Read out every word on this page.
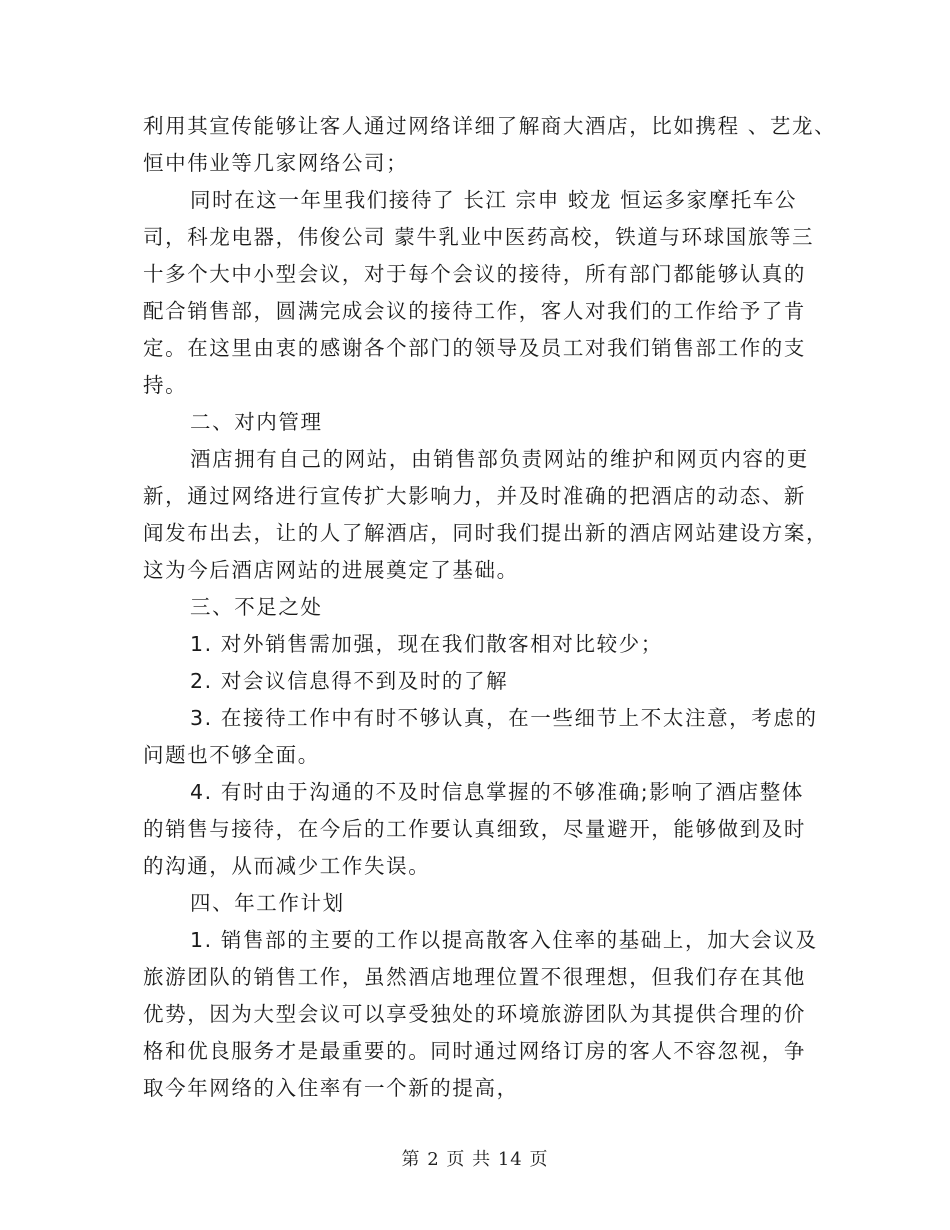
利用其宣传能够让客人通过网络详细了解商大酒店，比如携程 、艺龙、
恒中伟业等几家网络公司；
同时在这一年里我们接待了 长江 宗申 蛟龙 恒运多家摩托车公
司，科龙电器，伟俊公司 蒙牛乳业中医药高校，铁道与环球国旅等三
十多个大中小型会议，对于每个会议的接待，所有部门都能够认真的
配合销售部，圆满完成会议的接待工作，客人对我们的工作给予了肯
定。在这里由衷的感谢各个部门的领导及员工对我们销售部工作的支
持。
二、对内管理
酒店拥有自己的网站，由销售部负责网站的维护和网页内容的更
新，通过网络进行宣传扩大影响力，并及时准确的把酒店的动态、新
闻发布出去，让的人了解酒店，同时我们提出新的酒店网站建设方案，
这为今后酒店网站的进展奠定了基础。
三、不足之处
1. 对外销售需加强，现在我们散客相对比较少；
2. 对会议信息得不到及时的了解
3. 在接待工作中有时不够认真，在一些细节上不太注意，考虑的
问题也不够全面。
4. 有时由于沟通的不及时信息掌握的不够准确;影响了酒店整体
的销售与接待，在今后的工作要认真细致，尽量避开，能够做到及时
的沟通，从而减少工作失误。
四、年工作计划
1. 销售部的主要的工作以提高散客入住率的基础上，加大会议及
旅游团队的销售工作，虽然酒店地理位置不很理想，但我们存在其他
优势，因为大型会议可以享受独处的环境旅游团队为其提供合理的价
格和优良服务才是最重要的。同时通过网络订房的客人不容忽视，争
取今年网络的入住率有一个新的提高，
第 2 页 共 14 页
